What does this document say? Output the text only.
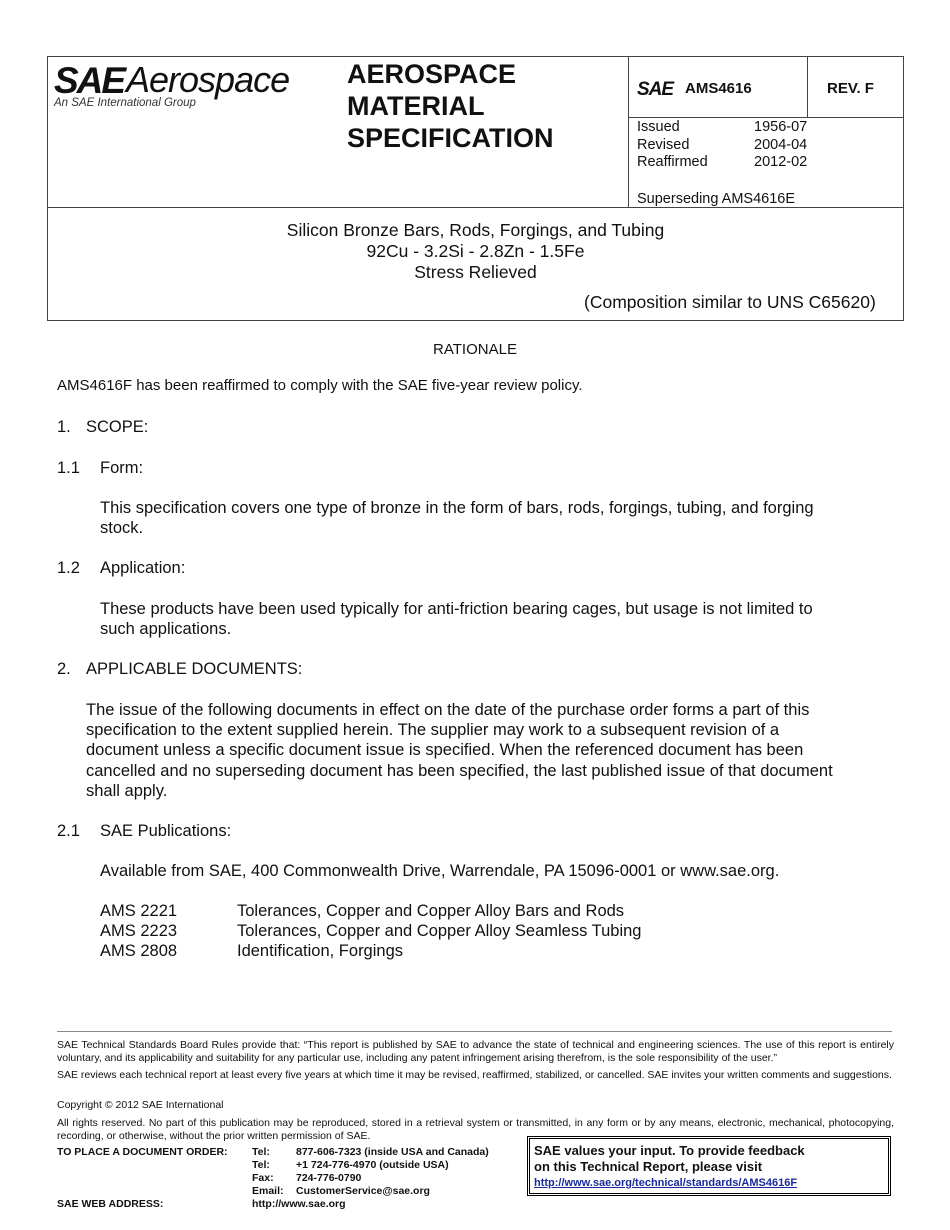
SAE Aerospace
An SAE International Group
AEROSPACE
MATERIAL
SPECIFICATION
SAE AMS4616	REV. F
Issued	1956-07
Revised	2004-04
Reaffirmed	2012-02
Superseding AMS4616E
Silicon Bronze Bars, Rods, Forgings, and Tubing
92Cu - 3.2Si - 2.8Zn - 1.5Fe
Stress Relieved
(Composition similar to UNS C65620)
RATIONALE
AMS4616F has been reaffirmed to comply with the SAE five-year review policy.
1. SCOPE:
1.1 Form:
This specification covers one type of bronze in the form of bars, rods, forgings, tubing, and forging
stock.
1.2 Application:
These products have been used typically for anti-friction bearing cages, but usage is not limited to
such applications.
2. APPLICABLE DOCUMENTS:
The issue of the following documents in effect on the date of the purchase order forms a part of this
specification to the extent supplied herein. The supplier may work to a subsequent revision of a
document unless a specific document issue is specified. When the referenced document has been
cancelled and no superseding document has been specified, the last published issue of that document
shall apply.
2.1 SAE Publications:
Available from SAE, 400 Commonwealth Drive, Warrendale, PA 15096-0001 or www.sae.org.
AMS 2221	Tolerances, Copper and Copper Alloy Bars and Rods
AMS 2223	Tolerances, Copper and Copper Alloy Seamless Tubing
AMS 2808	Identification, Forgings
SAE Technical Standards Board Rules provide that: “This report is published by SAE to advance the state of technical and engineering sciences. The use of this report is entirely voluntary, and its applicability and suitability for any particular use, including any patent infringement arising therefrom, is the sole responsibility of the user.”
SAE reviews each technical report at least every five years at which time it may be revised, reaffirmed, stabilized, or cancelled. SAE invites your written comments and suggestions.
Copyright © 2012 SAE International
All rights reserved. No part of this publication may be reproduced, stored in a retrieval system or transmitted, in any form or by any means, electronic, mechanical, photocopying, recording, or otherwise, without the prior written permission of SAE.
TO PLACE A DOCUMENT ORDER: Tel: 877-606-7323 (inside USA and Canada)
Tel: +1 724-776-4970 (outside USA)
Fax: 724-776-0790
Email: CustomerService@sae.org
SAE WEB ADDRESS:	http://www.sae.org
SAE values your input. To provide feedback
on this Technical Report, please visit
http://www.sae.org/technical/standards/AMS4616F
